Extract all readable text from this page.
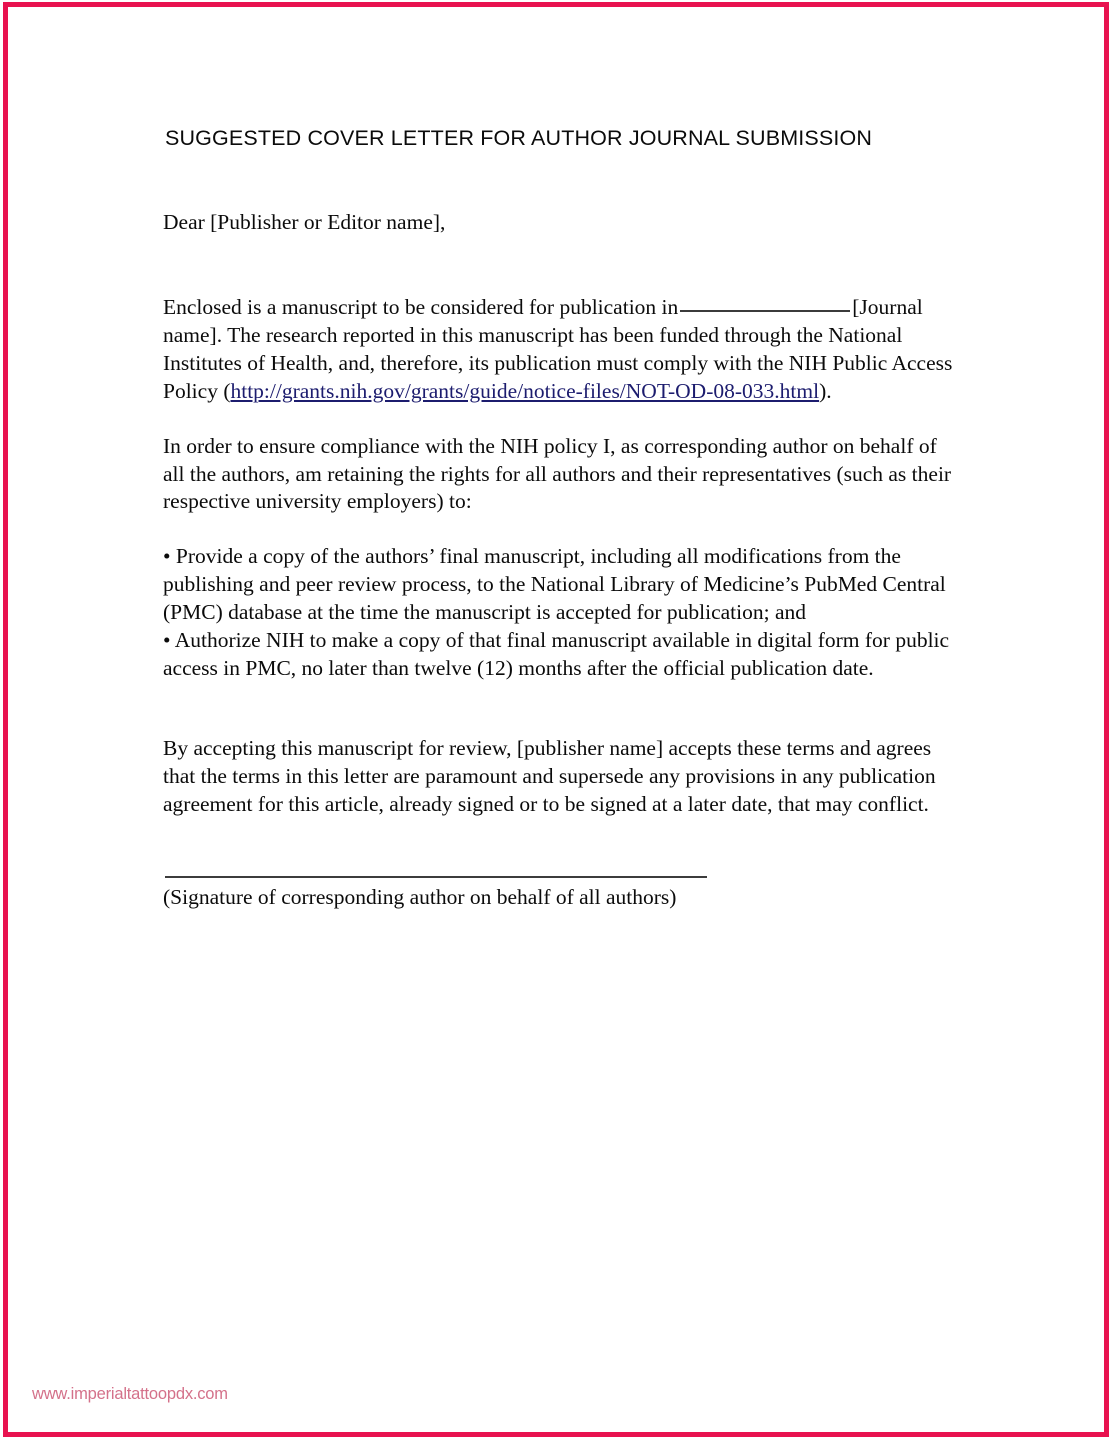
SUGGESTED COVER LETTER FOR AUTHOR JOURNAL SUBMISSION

Dear [Publisher or Editor name],

Enclosed is a manuscript to be considered for publication in	[Journal name]. The research reported in this manuscript has been funded through the National Institutes of Health, and, therefore, its publication must comply with the NIH Public Access Policy (http://grants.nih.gov/grants/guide/notice-files/NOT-OD-08-033.html).

In order to ensure compliance with the NIH policy I, as corresponding author on behalf of all the authors, am retaining the rights for all authors and their representatives (such as their respective university employers) to:

• Provide a copy of the authors’ final manuscript, including all modifications from the publishing and peer review process, to the National Library of Medicine’s PubMed Central (PMC) database at the time the manuscript is accepted for publication; and

• Authorize NIH to make a copy of that final manuscript available in digital form for public access in PMC, no later than twelve (12) months after the official publication date.

By accepting this manuscript for review, [publisher name] accepts these terms and agrees that the terms in this letter are paramount and supersede any provisions in any publication agreement for this article, already signed or to be signed at a later date, that may conflict.

(Signature of corresponding author on behalf of all authors)

www.imperialtattoopdx.com
